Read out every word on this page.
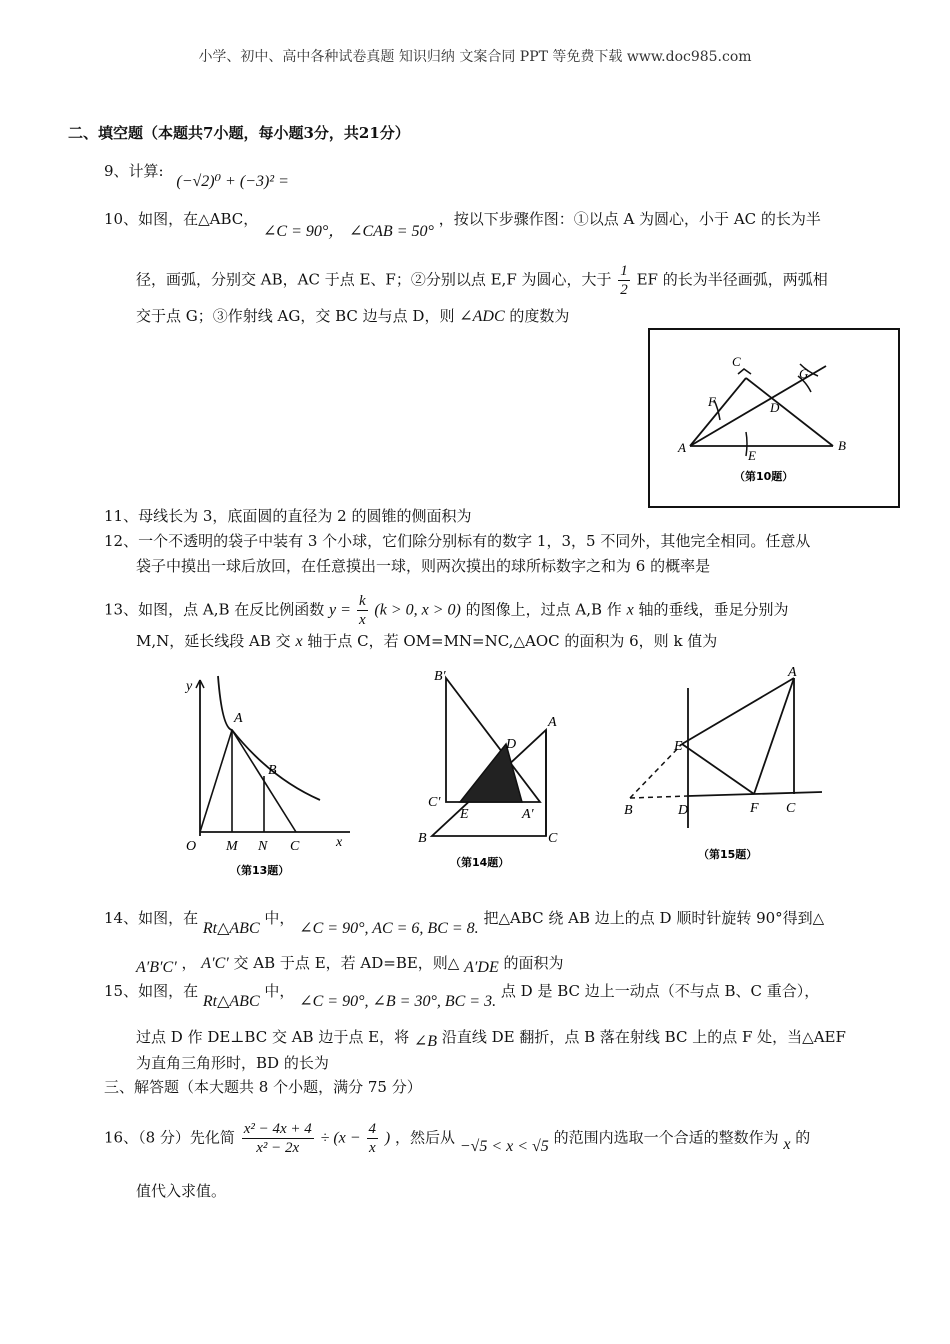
小学、初中、高中各种试卷真题 知识归纳 文案合同 PPT 等免费下载 www.doc985.com
二、填空题（本题共7小题，每小题3分，共21分）
9、计算: (−√2)⁰ + (−3)² =
10、如图，在△ABC， ∠C = 90°， ∠CAB = 50° ，按以下步骤作图：①以点 A 为圆心，小于 AC 的长为半
径，画弧，分别交 AB，AC 于点 E、F；②分别以点 E,F 为圆心，大于 $\frac{1}{2}$ EF 的长为半径画弧，两弧相
交于点 G；③作射线 AG，交 BC 边与点 D，则 ∠ADC 的度数为
C
F	D
G
A	B
E
（第10题）
11、母线长为 3，底面圆的直径为 2 的圆锥的侧面积为
12、一个不透明的袋子中装有 3 个小球，它们除分别标有的数字 1，3，5 不同外，其他完全相同。任意从
袋子中摸出一球后放回，在任意摸出一球，则两次摸出的球所标数字之和为 6 的概率是
13、如图，点 A,B 在反比例函数 $y = \frac{k}{x} (k > 0$, x > 0) 的图像上，过点 A,B 作 x 轴的垂线，垂足分别为
M,N，延长线段 AB 交 x 轴于点 C，若 OM=MN=NC,△AOC 的面积为 6，则 k 值为
y
A
B
O M N C	x
（第13题）
B′
A
D
C′
E	A′
B	C
（第14题）
A
E
B	D	F C
（第15题）
14、如图，在 Rt△ABC 中， ∠C = 90°, AC = 6, BC = 8. 把△ABC 绕 AB 边上的点 D 顺时针旋转 90°得到△
A′B′C′ ， A′C′ 交 AB 于点 E，若 AD=BE，则△ A′DE 的面积为
15、如图，在 Rt△ABC 中， ∠C = 90°, ∠B = 30°, BC = 3. 点 D 是 BC 边上一动点（不与点 B、C 重合），
过点 D 作 DE⊥BC 交 AB 边于点 E，将 ∠B 沿直线 DE 翻折，点 B 落在射线 BC 上的点 F 处，当△AEF
为直角三角形时，BD 的长为
三、解答题（本大题共 8 个小题，满分 75 分）
16、（8 分）先化简 $\frac{\text{x² − 4x + 4}}{\text{x² − 2x}} \div (x - \frac{4}{x}$ ) ，然后从 −√5 < x < √5 的范围内选取一个合适的整数作为 x 的
值代入求值。
